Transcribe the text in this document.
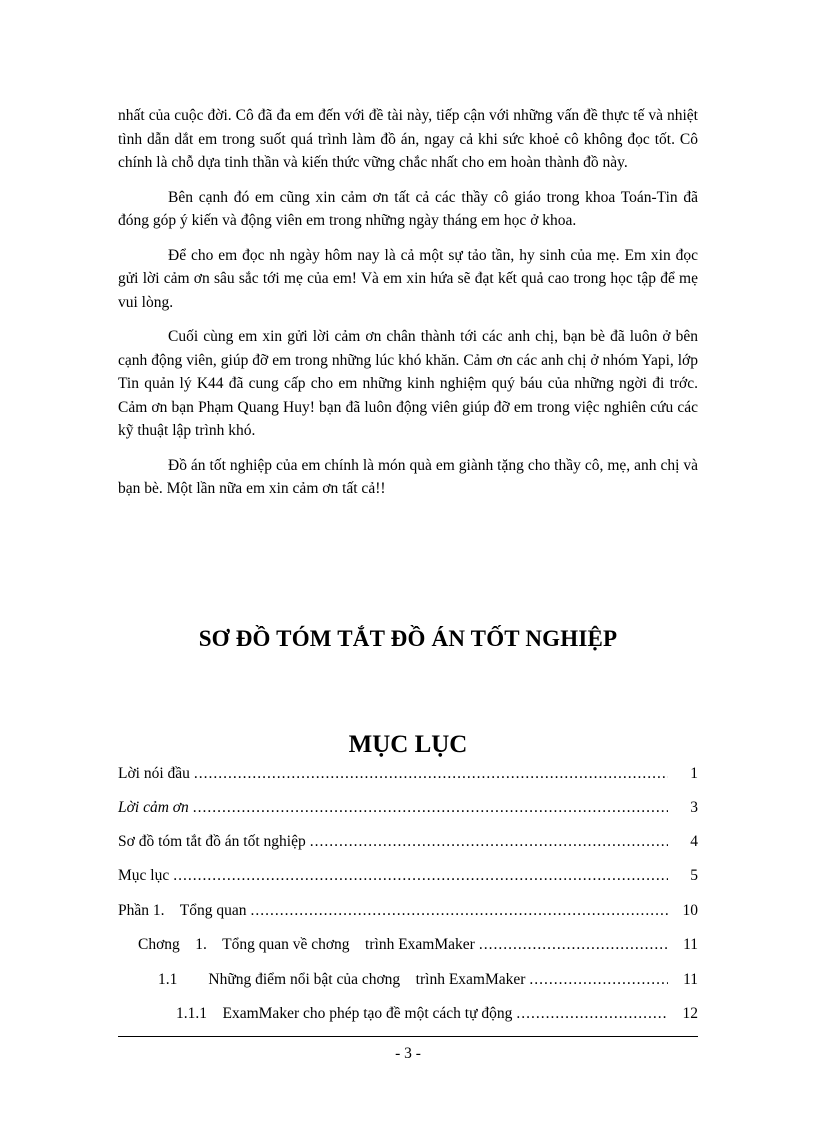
nhất của cuộc đời. Cô đã đa em đến với đề tài này, tiếp cận với những vấn đề thực tế và nhiệt tình dẫn dắt em trong suốt quá trình làm đồ án, ngay cả khi sức khoẻ cô không đọc tốt. Cô chính là chỗ dựa tinh thần và kiến thức vững chắc nhất cho em hoàn thành đồ này.

Bên cạnh đó em cũng xin cảm ơn tất cả các thầy cô giáo trong khoa Toán-Tin đã đóng góp ý kiến và động viên em trong những ngày tháng em học ở khoa.

Để cho em đọc nh ngày hôm nay là cả một sự tảo tần, hy sinh của mẹ. Em xin đọc gửi lời cảm ơn sâu sắc tới mẹ của em! Và em xin hứa sẽ đạt kết quả cao trong học tập để mẹ vui lòng.

Cuối cùng em xin gửi lời cảm ơn chân thành tới các anh chị, bạn bè đã luôn ở bên cạnh động viên, giúp đỡ em trong những lúc khó khăn. Cảm ơn các anh chị ở nhóm Yapi, lớp Tin quản lý K44 đã cung cấp cho em những kinh nghiệm quý báu của những ngời đi trớc. Cảm ơn bạn Phạm Quang Huy! bạn đã luôn động viên giúp đỡ em trong việc nghiên cứu các kỹ thuật lập trình khó.

Đồ án tốt nghiệp của em chính là món quà em giành tặng cho thầy cô, mẹ, anh chị và bạn bè. Một lần nữa em xin cảm ơn tất cả!!

SƠ ĐỒ TÓM TẮT ĐỒ ÁN TỐT NGHIỆP
MỤC LỤC
Lời nói đầu .....	1
Lời cảm ơn .....	3
Sơ đồ tóm tắt đồ án tốt nghiệp .....	4
Mục lục .....	5
Phần 1.    Tổng quan .....	10
Chơng    1.    Tổng quan về chơng    trình ExamMaker .....	11
1.1        Những điểm nổi bật của chơng    trình ExamMaker .....	11
1.1.1    ExamMaker cho phép tạo đề một cách tự động .....	12
- 3 -
